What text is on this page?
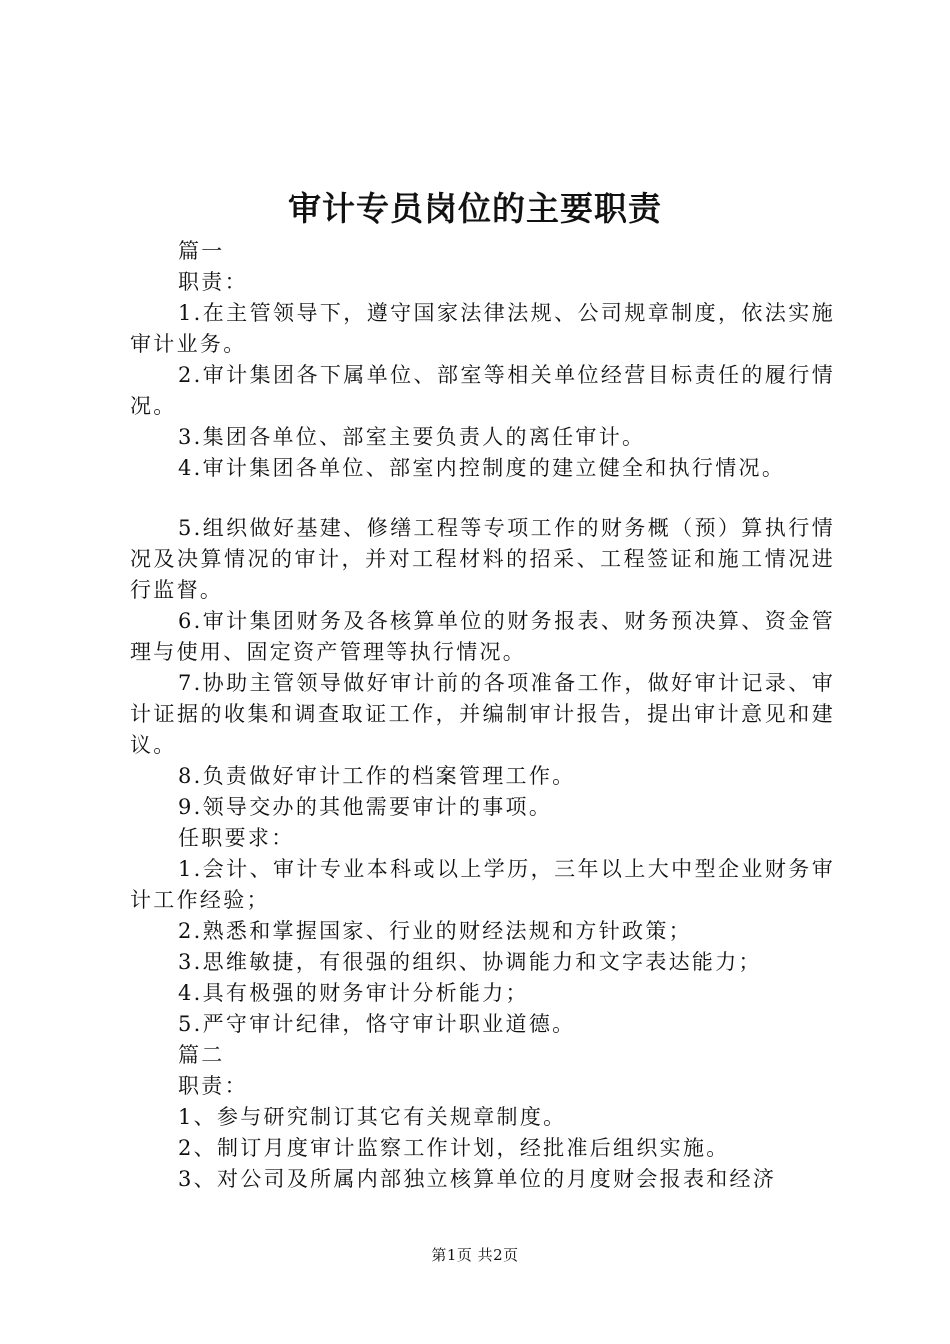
审计专员岗位的主要职责

篇一

职责：

1.在主管领导下，遵守国家法律法规、公司规章制度，依法实施审计业务。

2.审计集团各下属单位、部室等相关单位经营目标责任的履行情况。

3.集团各单位、部室主要负责人的离任审计。

4.审计集团各单位、部室内控制度的建立健全和执行情况。

5.组织做好基建、修缮工程等专项工作的财务概（预）算执行情况及决算情况的审计，并对工程材料的招采、工程签证和施工情况进行监督。

6.审计集团财务及各核算单位的财务报表、财务预决算、资金管理与使用、固定资产管理等执行情况。

7.协助主管领导做好审计前的各项准备工作，做好审计记录、审计证据的收集和调查取证工作，并编制审计报告，提出审计意见和建议。

8.负责做好审计工作的档案管理工作。

9.领导交办的其他需要审计的事项。

任职要求：

1.会计、审计专业本科或以上学历，三年以上大中型企业财务审计工作经验；

2.熟悉和掌握国家、行业的财经法规和方针政策；

3.思维敏捷，有很强的组织、协调能力和文字表达能力；

4.具有极强的财务审计分析能力；

5.严守审计纪律，恪守审计职业道德。

篇二

职责：

1、参与研究制订其它有关规章制度。

2、制订月度审计监察工作计划，经批准后组织实施。

3、对公司及所属内部独立核算单位的月度财会报表和经济

第1页 共2页
